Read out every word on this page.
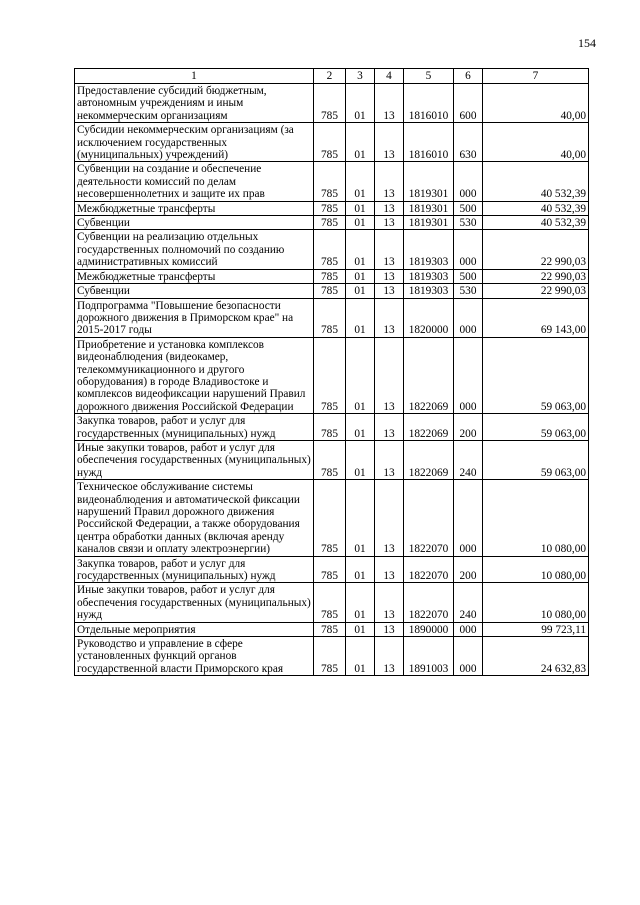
154
1	2	3	4	5	6	7
Предоставление субсидий бюджетным, автономным учреждениям и иным некоммерческим организациям	785	01	13	1816010	600	40,00
Субсидии некоммерческим организациям (за исключением государственных (муниципальных) учреждений)	785	01	13	1816010	630	40,00
Субвенции на создание и обеспечение деятельности комиссий по делам несовершеннолетних и защите их прав	785	01	13	1819301	000	40 532,39
Межбюджетные трансферты	785	01	13	1819301	500	40 532,39
Субвенции	785	01	13	1819301	530	40 532,39
Субвенции на реализацию отдельных государственных полномочий по созданию административных комиссий	785	01	13	1819303	000	22 990,03
Межбюджетные трансферты	785	01	13	1819303	500	22 990,03
Субвенции	785	01	13	1819303	530	22 990,03
Подпрограмма "Повышение безопасности дорожного движения в Приморском крае" на 2015-2017 годы	785	01	13	1820000	000	69 143,00
Приобретение и установка комплексов видеонаблюдения (видеокамер, телекоммуникационного и другого оборудования) в городе Владивостоке и комплексов видеофиксации нарушений Правил дорожного движения Российской Федерации	785	01	13	1822069	000	59 063,00
Закупка товаров, работ и услуг для государственных (муниципальных) нужд	785	01	13	1822069	200	59 063,00
Иные закупки товаров, работ и услуг для обеспечения государственных (муниципальных) нужд	785	01	13	1822069	240	59 063,00
Техническое обслуживание системы видеонаблюдения и автоматической фиксации нарушений Правил дорожного движения Российской Федерации, а также оборудования центра обработки данных (включая аренду каналов связи и оплату электроэнергии)	785	01	13	1822070	000	10 080,00
Закупка товаров, работ и услуг для государственных (муниципальных) нужд	785	01	13	1822070	200	10 080,00
Иные закупки товаров, работ и услуг для обеспечения государственных (муниципальных) нужд	785	01	13	1822070	240	10 080,00
Отдельные мероприятия	785	01	13	1890000	000	99 723,11
Руководство и управление в сфере установленных функций органов государственной власти Приморского края	785	01	13	1891003	000	24 632,83
